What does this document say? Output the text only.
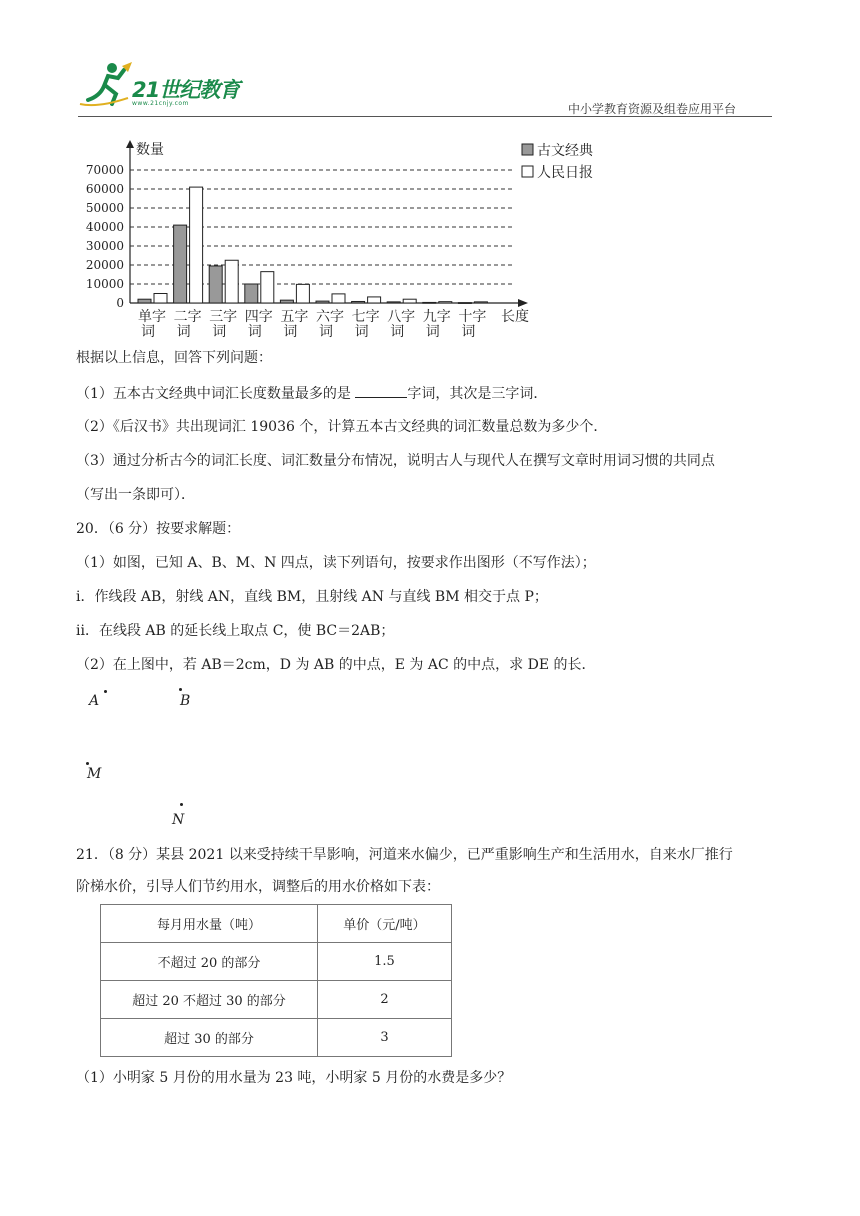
21世纪教育
www.21cnjy.com	中小学教育资源及组卷应用平台
数量
0
10000
20000
30000
40000
50000
60000
70000
单字
词
二字
词
三字
词
四字
词
五字
词
六字
词
七字
词
八字
词
九字
词
十字
词
长度
古文经典
人民日报
根据以上信息，回答下列问题：
（1）五本古文经典中词汇长度数量最多的是	字词，其次是三字词．
（2）《后汉书》共出现词汇 19036 个，计算五本古文经典的词汇数量总数为多少个．
（3）通过分析古今的词汇长度、词汇数量分布情况，说明古人与现代人在撰写文章时用词习惯的共同点
（写出一条即可）．
20．（6 分）按要求解题：
（1）如图，已知 A、B、M、N 四点，读下列语句，按要求作出图形（不写作法）；
i．作线段 AB，射线 AN，直线 BM，且射线 AN 与直线 BM 相交于点 P；
ii．在线段 AB 的延长线上取点 C，使 BC＝2AB；
（2）在上图中，若 AB＝2cm，D 为 AB 的中点，E 为 AC 的中点，求 DE 的长．
A	B
M
N
21．（8 分）某县 2021 以来受持续干旱影响，河道来水偏少，已严重影响生产和生活用水，自来水厂推行
阶梯水价，引导人们节约用水，调整后的用水价格如下表：
每月用水量（吨）	单价（元/吨）
不超过 20 的部分	1.5
超过 20 不超过 30 的部分	2
超过 30 的部分	3
（1）小明家 5 月份的用水量为 23 吨，小明家 5 月份的水费是多少？
